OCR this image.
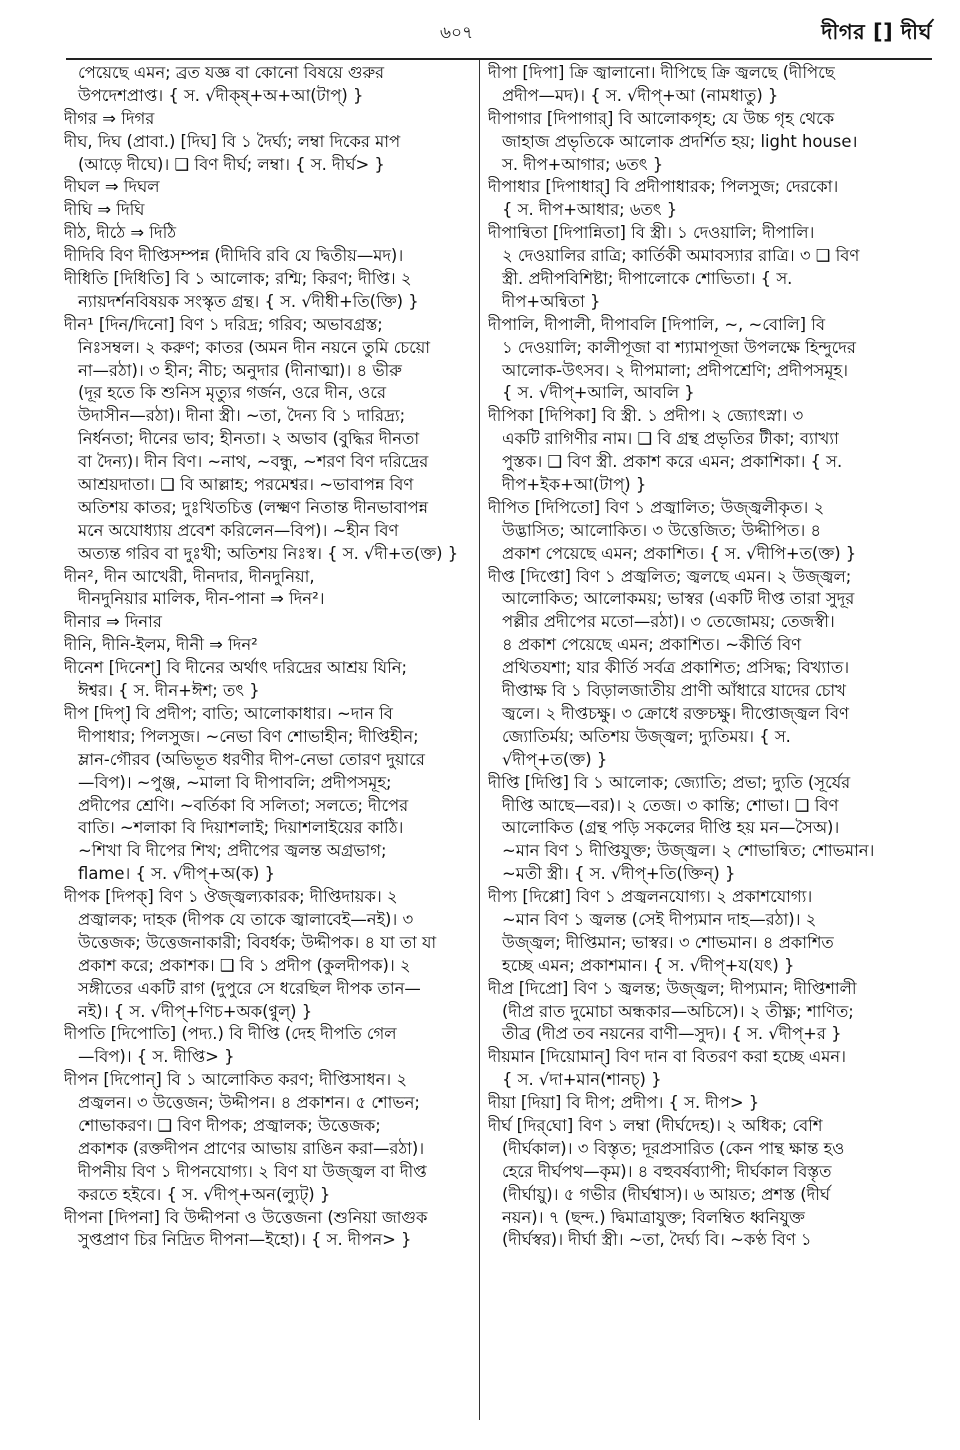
৬০৭	দীগর [] দীর্ঘ
পেয়েছে এমন; ব্রত যজ্ঞ বা কোনো বিষয়ে গুরুর
উপদেশপ্রাপ্ত। { স. √দীক্ষ্+অ+আ(টাপ্) }
দীগর ⇒ দিগর
দীঘ, দিঘ (প্রাবা.) [দিঘ] বি ১ দৈর্ঘ্য; লম্বা দিকের মাপ
(আড়ে দীঘে)। ❑ বিণ দীর্ঘ; লম্বা। { স. দীর্ঘ> }
দীঘল ⇒ দিঘল
দীঘি ⇒ দিঘি
দীঠ, দীঠে ⇒ দিঠি
দীদিবি বিণ দীপ্তিসম্পন্ন (দীদিবি রবি যে দ্বিতীয়—মদ)।
দীধিতি [দিধিতি] বি ১ আলোক; রশ্মি; কিরণ; দীপ্তি। ২
ন্যায়দর্শনবিষয়ক সংস্কৃত গ্রন্থ। { স. √দীধী+তি(ক্তি) }
দীন¹ [দিন/দিনো] বিণ ১ দরিদ্র; গরিব; অভাবগ্রস্ত;
নিঃসম্বল। ২ করুণ; কাতর (অমন দীন নয়নে তুমি চেয়ো
না—রঠা)। ৩ হীন; নীচ; অনুদার (দীনাত্মা)। ৪ ভীরু
(দূর হতে কি শুনিস মৃত্যুর গর্জন, ওরে দীন, ওরে
উদাসীন—রঠা)। দীনা স্ত্রী। ~তা, দৈন্য বি ১ দারিদ্র্য;
নির্ধনতা; দীনের ভাব; হীনতা। ২ অভাব (বুদ্ধির দীনতা
বা দৈন্য)। দীন বিণ। ~নাথ, ~বন্ধু, ~শরণ বিণ দরিদ্রের
আশ্রয়দাতা। ❑ বি আল্লাহ; পরমেশ্বর। ~ভাবাপন্ন বিণ
অতিশয় কাতর; দুঃখিতচিত্ত (লক্ষ্মণ নিতান্ত দীনভাবাপন্ন
মনে অযোধ্যায় প্রবেশ করিলেন—বিপ)। ~হীন বিণ
অত্যন্ত গরিব বা দুঃখী; অতিশয় নিঃস্ব। { স. √দী+ত(ক্ত) }
দীন², দীন আখেরী, দীনদার, দীনদুনিয়া,
দীনদুনিয়ার মালিক, দীন-পানা ⇒ দিন²।
দীনার ⇒ দিনার
দীনি, দীনি-ইলম, দীনী ⇒ দিন²
দীনেশ [দিনেশ্] বি দীনের অর্থাৎ দরিদ্রের আশ্রয় যিনি;
ঈশ্বর। { স. দীন+ঈশ; তৎ }
দীপ [দিপ্] বি প্রদীপ; বাতি; আলোকাধার। ~দান বি
দীপাধার; পিলসুজ। ~নেভা বিণ শোভাহীন; দীপ্তিহীন;
ম্লান-গৌরব (অভিভূত ধরণীর দীপ-নেভা তোরণ দুয়ারে
—বিপ)। ~পুঞ্জ, ~মালা বি দীপাবলি; প্রদীপসমূহ;
প্রদীপের শ্রেণি। ~বর্তিকা বি সলিতা; সলতে; দীপের
বাতি। ~শলাকা বি দিয়াশলাই; দিয়াশলাইয়ের কাঠি।
~শিখা বি দীপের শিখ; প্রদীপের জ্বলন্ত অগ্রভাগ;
flame। { স. √দীপ্+অ(ক) }
দীপক [দিপক্] বিণ ১ ঔজ্জ্বল্যকারক; দীপ্তিদায়ক। ২
প্রজ্বালক; দাহক (দীপক যে তাকে জ্বালাবেই—নই)। ৩
উত্তেজক; উত্তেজনাকারী; বিবর্ধক; উদ্দীপক। ৪ যা তা যা
প্রকাশ করে; প্রকাশক। ❑ বি ১ প্রদীপ (কুলদীপক)। ২
সঙ্গীতের একটি রাগ (দুপুরে সে ধরেছিল দীপক তান—
নই)। { স. √দীপ্+ণিচ+অক(ণ্বুল্) }
দীপতি [দিপোতি] (পদ্য.) বি দীপ্তি (দেহ দীপতি গেল
—বিপ)। { স. দীপ্তি> }
দীপন [দিপোন্] বি ১ আলোকিত করণ; দীপ্তিসাধন। ২
প্রজ্বলন। ৩ উত্তেজন; উদ্দীপন। ৪ প্রকাশন। ৫ শোভন;
শোভাকরণ। ❑ বিণ দীপক; প্রজ্বালক; উত্তেজক;
প্রকাশক (রক্তদীপন প্রাণের আভায় রাঙিন করা—রঠা)।
দীপনীয় বিণ ১ দীপনযোগ্য। ২ বিণ যা উজ্জ্বল বা দীপ্ত
করতে হইবে। { স. √দীপ্+অন(ল্যুট্) }
দীপনা [দিপনা] বি উদ্দীপনা ও উত্তেজনা (শুনিয়া জাগুক
সুপ্তপ্রাণ চির নিদ্রিত দীপনা—ইহো)। { স. দীপন> }
দীপা [দিপা] ক্রি জ্বালানো। দীপিছে ক্রি জ্বলছে (দীপিছে
প্রদীপ—মদ)। { স. √দীপ্+আ (নামধাতু) }
দীপাগার [দিপাগার্] বি আলোকগৃহ; যে উচ্চ গৃহ থেকে
জাহাজ প্রভৃতিকে আলোক প্রদর্শিত হয়; light house।
স. দীপ+আগার; ৬তৎ }
দীপাধার [দিপাধার্] বি প্রদীপাধারক; পিলসুজ; দেরকো।
{ স. দীপ+আধার; ৬তৎ }
দীপান্বিতা [দিপান্নিতা] বি স্ত্রী। ১ দেওয়ালি; দীপালি।
২ দেওয়ালির রাত্রি; কার্তিকী অমাবস্যার রাত্রি। ৩ ❑ বিণ
স্ত্রী. প্রদীপবিশিষ্টা; দীপালোকে শোভিতা। { স.
দীপ+অন্বিতা }
দীপালি, দীপালী, দীপাবলি [দিপালি, ~, ~বোলি] বি
১ দেওয়ালি; কালীপূজা বা শ্যামাপূজা উপলক্ষে হিন্দুদের
আলোক-উৎসব। ২ দীপমালা; প্রদীপশ্রেণি; প্রদীপসমূহ।
{ স. √দীপ্+আলি, আবলি }
দীপিকা [দিপিকা] বি স্ত্রী. ১ প্রদীপ। ২ জ্যোৎস্না। ৩
একটি রাগিণীর নাম। ❑ বি গ্রন্থ প্রভৃতির টীকা; ব্যাখ্যা
পুস্তক। ❑ বিণ স্ত্রী. প্রকাশ করে এমন; প্রকাশিকা। { স.
দীপ+ইক+আ(টাপ্) }
দীপিত [দিপিতো] বিণ ১ প্রজ্বালিত; উজ্জ্বলীকৃত। ২
উদ্ভাসিত; আলোকিত। ৩ উত্তেজিত; উদ্দীপিত। ৪
প্রকাশ পেয়েছে এমন; প্রকাশিত। { স. √দীপি+ত(ক্ত) }
দীপ্ত [দিপ্তো] বিণ ১ প্রজ্বলিত; জ্বলছে এমন। ২ উজ্জ্বল;
আলোকিত; আলোকময়; ভাস্বর (একটি দীপ্ত তারা সুদূর
পল্লীর প্রদীপের মতো—রঠা)। ৩ তেজোময়; তেজস্বী।
৪ প্রকাশ পেয়েছে এমন; প্রকাশিত। ~কীর্তি বিণ
প্রথিতযশা; যার কীর্তি সর্বত্র প্রকাশিত; প্রসিদ্ধ; বিখ্যাত।
দীপ্তাক্ষ বি ১ বিড়ালজাতীয় প্রাণী আঁধারে যাদের চোখ
জ্বলে। ২ দীপ্তচক্ষু। ৩ ক্রোধে রক্তচক্ষু। দীপ্তোজ্জ্বল বিণ
জ্যোতির্ময়; অতিশয় উজ্জ্বল; দ্যুতিময়। { স.
√দীপ্+ত(ক্ত) }
দীপ্তি [দিপ্তি] বি ১ আলোক; জ্যোতি; প্রভা; দ্যুতি (সূর্যের
দীপ্তি আছে—বর)। ২ তেজ। ৩ কান্তি; শোভা। ❑ বিণ
আলোকিত (গ্রন্থ পড়ি সকলের দীপ্তি হয় মন—সৈঅ)।
~মান বিণ ১ দীপ্তিযুক্ত; উজ্জ্বল। ২ শোভান্বিত; শোভমান।
~মতী স্ত্রী। { স. √দীপ্+তি(ক্তিন্) }
দীপ্য [দিপ্পো] বিণ ১ প্রজ্বলনযোগ্য। ২ প্রকাশযোগ্য।
~মান বিণ ১ জ্বলন্ত (সেই দীপ্যমান দাহ—রঠা)। ২
উজ্জ্বল; দীপ্তিমান; ভাস্বর। ৩ শোভমান। ৪ প্রকাশিত
হচ্ছে এমন; প্রকাশমান। { স. √দীপ্+য(যৎ) }
দীপ্র [দিপ্রো] বিণ ১ জ্বলন্ত; উজ্জ্বল; দীপ্যমান; দীপ্তিশালী
(দীপ্র রাত দুমোচা অন্ধকার—অচিসে)। ২ তীক্ষ্ণ; শাণিত;
তীব্র (দীপ্র তব নয়নের বাণী—সুদ)। { স. √দীপ্+র }
দীয়মান [দিয়োমান্] বিণ দান বা বিতরণ করা হচ্ছে এমন।
{ স. √দা+মান(শানচ্) }
দীয়া [দিয়া] বি দীপ; প্রদীপ। { স. দীপ> }
দীর্ঘ [দির্‌ঘো] বিণ ১ লম্বা (দীর্ঘদেহ)। ২ অধিক; বেশি
(দীর্ঘকাল)। ৩ বিস্তৃত; দূরপ্রসারিত (কেন পান্থ ক্ষান্ত হও
হেরে দীর্ঘপথ—কৃম)। ৪ বহুবর্ষব্যাপী; দীর্ঘকাল বিস্তৃত
(দীর্ঘায়ু)। ৫ গভীর (দীর্ঘশ্বাস)। ৬ আয়ত; প্রশস্ত (দীর্ঘ
নয়ন)। ৭ (ছন্দ.) দ্বিমাত্রাযুক্ত; বিলম্বিত ধ্বনিযুক্ত
(দীর্ঘস্বর)। দীর্ঘা স্ত্রী। ~তা, দৈর্ঘ্য বি। ~কণ্ঠ বিণ ১
